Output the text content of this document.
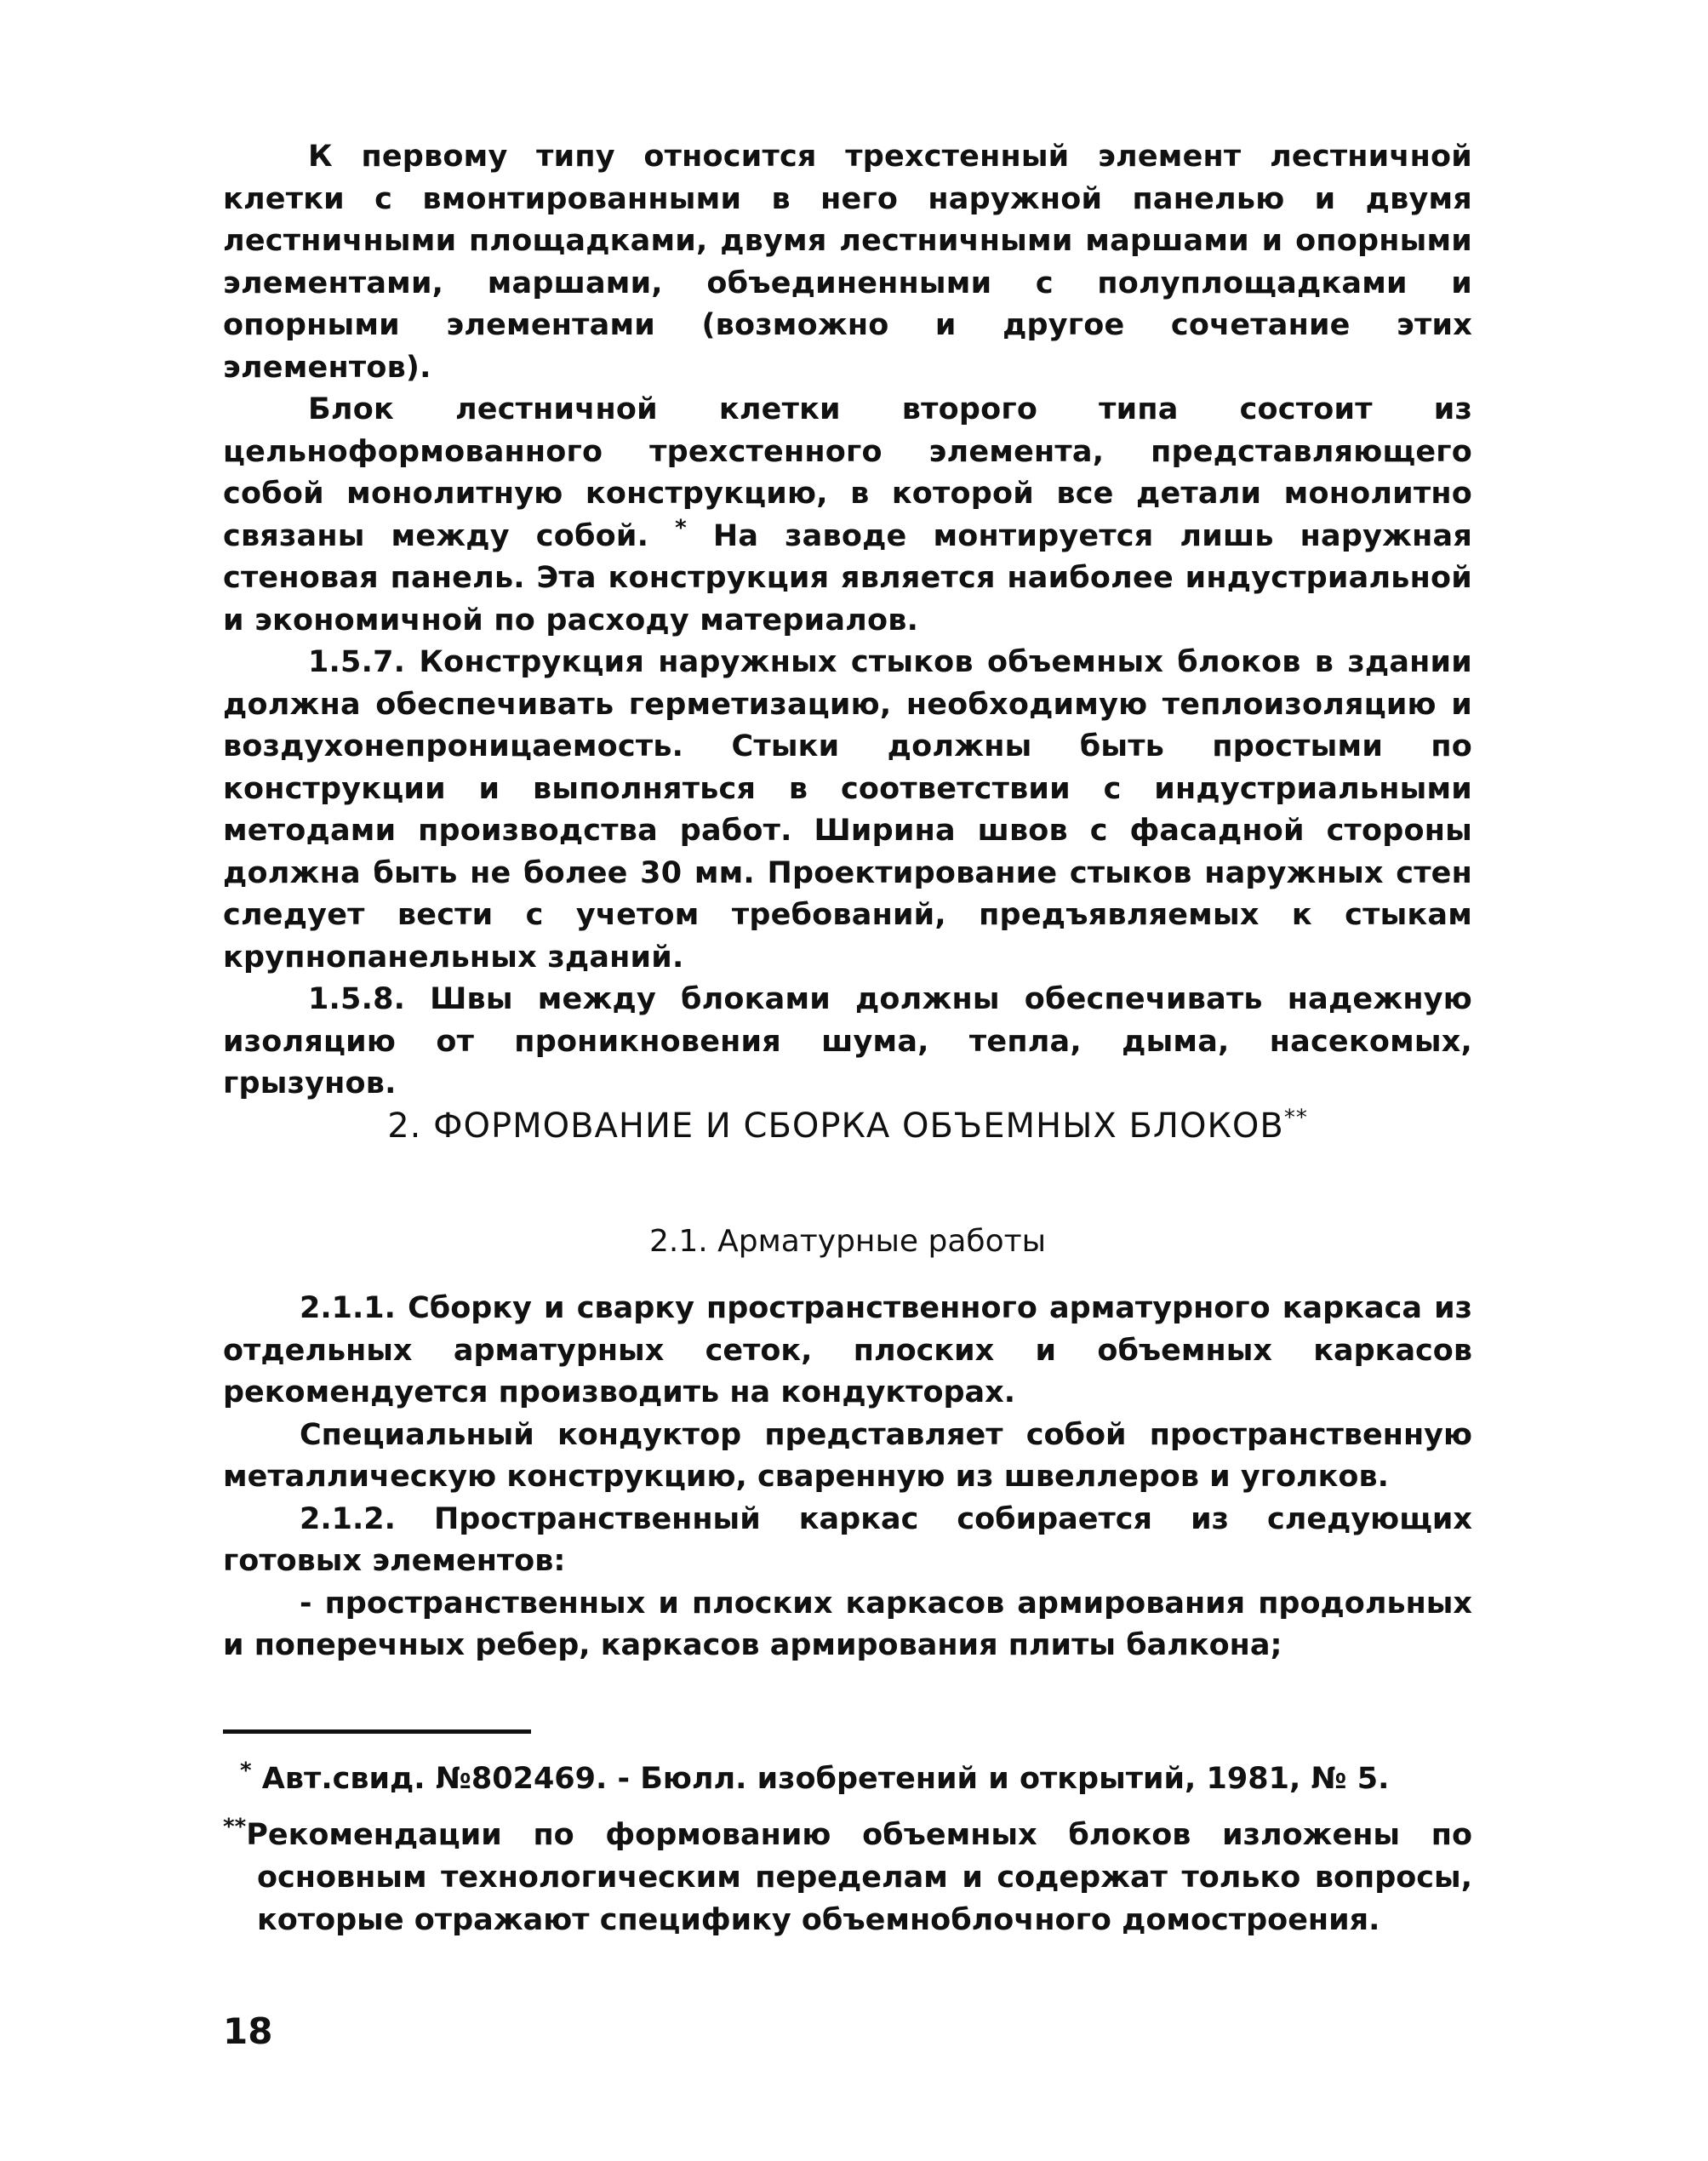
К первому типу относится трехстенный элемент лестничной клетки с вмонтированными в него наружной панелью и двумя лестничными площадками, двумя лестничными маршами и опорными элементами, маршами, объединенными с полуплощадками и опорными элементами (возможно и другое сочетание этих элементов).

Блок лестничной клетки второго типа состоит из цельноформованного трехстенного элемента, представляющего собой монолитную конструкцию, в которой все детали монолитно связаны между собой. * На заводе монтируется лишь наружная стеновая панель. Эта конструкция является наиболее индустриальной и экономичной по расходу материалов.

1.5.7. Конструкция наружных стыков объемных блоков в здании должна обеспечивать герметизацию, необходимую теплоизоляцию и воздухонепроницаемость. Стыки должны быть простыми по конструкции и выполняться в соответствии с индустриальными методами производства работ. Ширина швов с фасадной стороны должна быть не более 30 мм. Проектирование стыков наружных стен следует вести с учетом требований, предъявляемых к стыкам крупнопанельных зданий.

1.5.8. Швы между блоками должны обеспечивать надежную изоляцию от проникновения шума, тепла, дыма, насекомых, грызунов.

2. ФОРМОВАНИЕ И СБОРКА ОБЪЕМНЫХ БЛОКОВ**
2.1. Арматурные работы

2.1.1. Сборку и сварку пространственного арматурного каркаса из отдельных арматурных сеток, плоских и объемных каркасов рекомендуется производить на кондукторах.

Специальный кондуктор представляет собой пространственную металлическую конструкцию, сваренную из швеллеров и уголков.

2.1.2. Пространственный каркас собирается из следующих готовых элементов:

- пространственных и плоских каркасов армирования продольных и поперечных ребер, каркасов армирования плиты балкона;

* Авт.свид. №802469. - Бюлл. изобретений и открытий, 1981, № 5.

**Рекомендации по формованию объемных блоков изложены по основным технологическим переделам и содержат только вопросы, которые отражают специфику объемноблочного домостроения.

18
